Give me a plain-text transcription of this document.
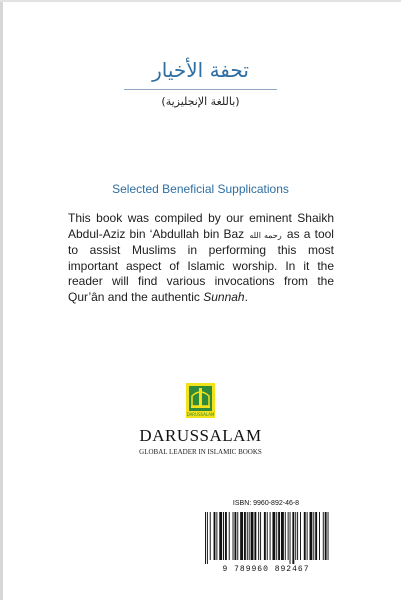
تحفة الأخيار
(باللغة الإنجليزية)
Selected Beneficial Supplications
This book was compiled by our eminent Shaikh Abdul-Aziz bin ‘Abdullah bin Baz رحمه الله as a tool to assist Muslims in performing this most important aspect of Islamic worship. In it the reader will find various invocations from the Qur’ân and the authentic Sunnah.
DARUSSALAM
DARUSSALAM
GLOBAL LEADER IN ISLAMIC BOOKS
ISBN: 9960-892-46-8
9 789960 892467
